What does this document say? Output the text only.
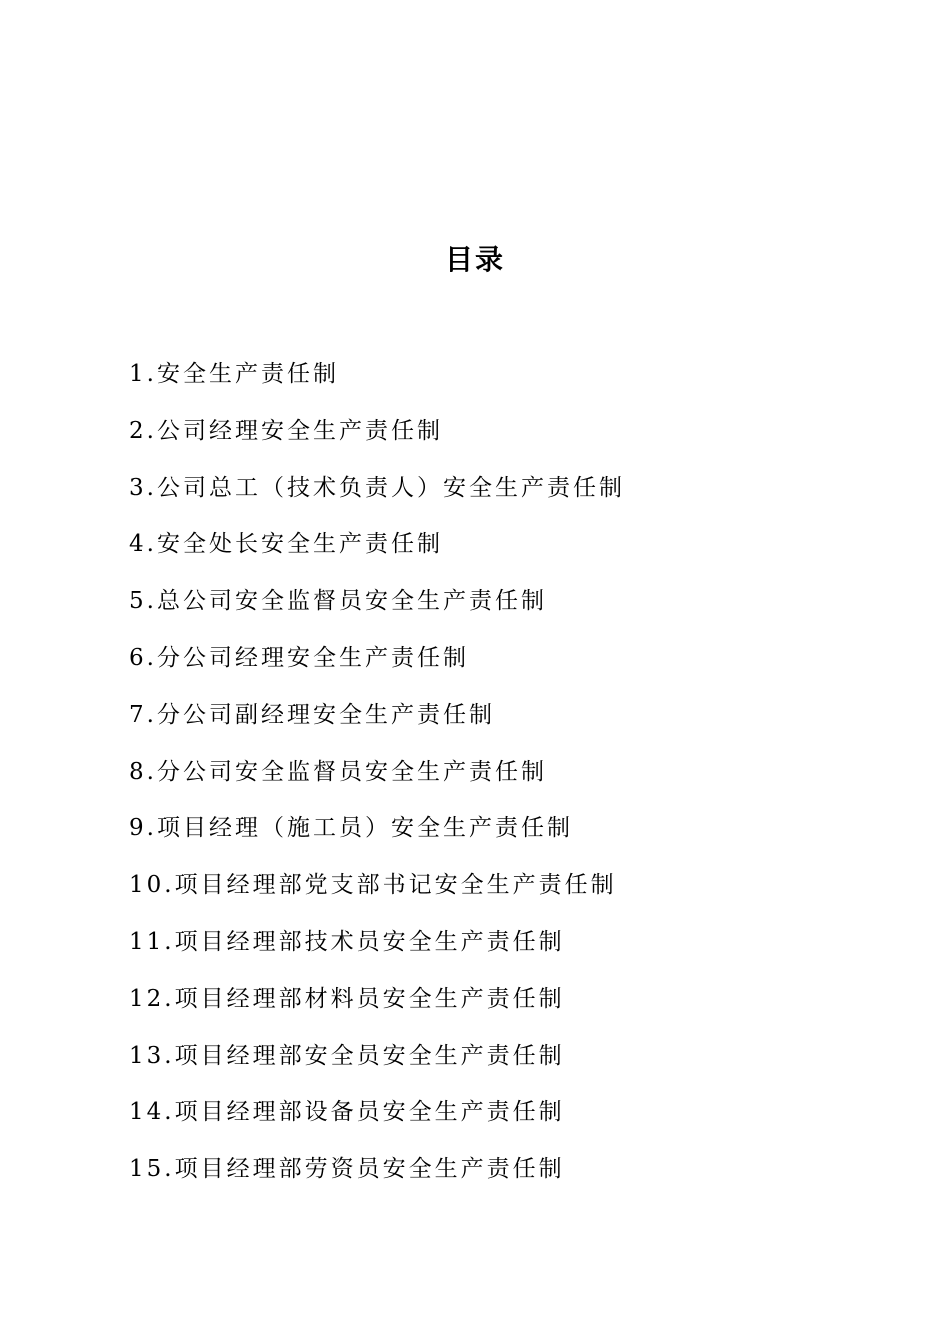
目录
1.安全生产责任制
2.公司经理安全生产责任制
3.公司总工（技术负责人）安全生产责任制
4.安全处长安全生产责任制
5.总公司安全监督员安全生产责任制
6.分公司经理安全生产责任制
7.分公司副经理安全生产责任制
8.分公司安全监督员安全生产责任制
9.项目经理（施工员）安全生产责任制
10.项目经理部党支部书记安全生产责任制
11.项目经理部技术员安全生产责任制
12.项目经理部材料员安全生产责任制
13.项目经理部安全员安全生产责任制
14.项目经理部设备员安全生产责任制
15.项目经理部劳资员安全生产责任制
